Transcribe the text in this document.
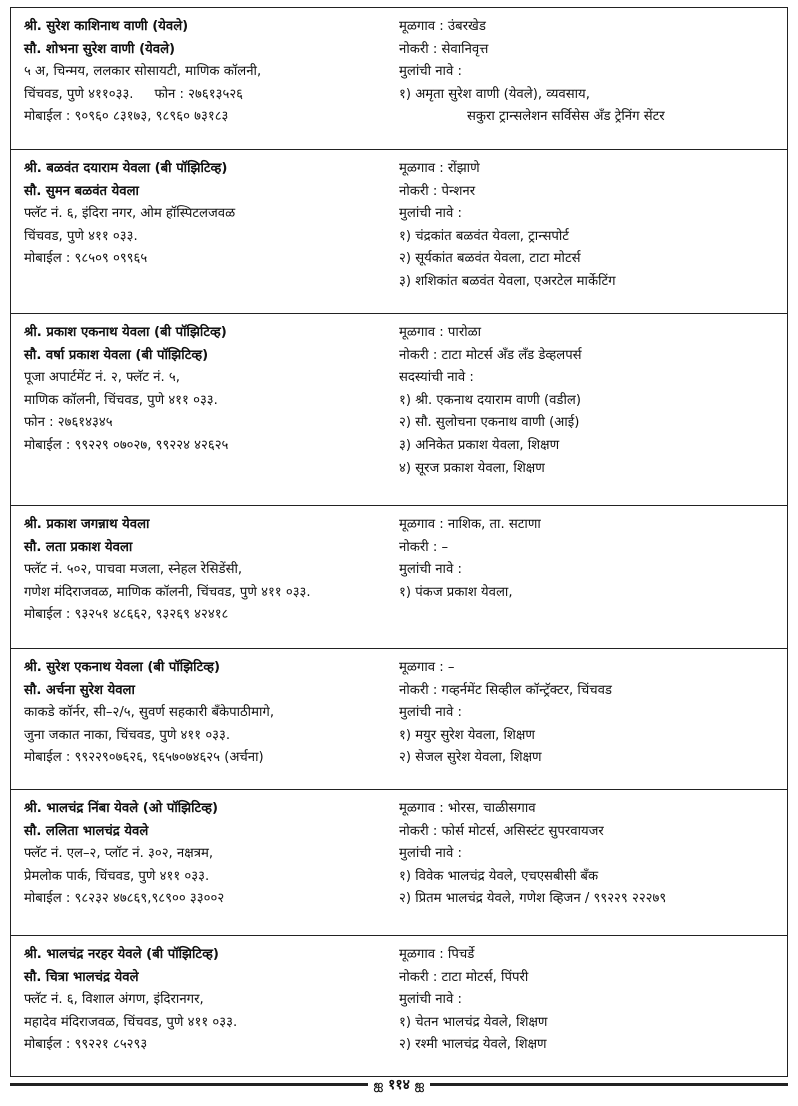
श्री. सुरेश काशिनाथ वाणी (येवले)
सौ. शोभना सुरेश वाणी (येवले)
५ अ, चिन्मय, ललकार सोसायटी, माणिक कॉलनी,
चिंचवड, पुणे ४११०३३.     फोन : २७६१३५२६
मोबाईल : ९०९६० ८३१७३, ९८९६० ७३१८३
मूळगाव : उंबरखेड
नोकरी : सेवानिवृत्त
मुलांची नावे :
१) अमृता सुरेश वाणी (येवले), व्यवसाय,
सकुरा ट्रान्सलेशन सर्विसेस अँड ट्रेनिंग सेंटर
श्री. बळवंत दयाराम येवला (बी पॉझिटिव्ह)
सौ. सुमन बळवंत येवला
फ्लॅट नं. ६, इंदिरा नगर, ओम हॉस्पिटलजवळ
चिंचवड, पुणे ४११ ०३३.
मोबाईल : ९८५०९ ०९९६५
मूळगाव : रोंझाणे
नोकरी : पेन्शनर
मुलांची नावे :
१) चंद्रकांत बळवंत येवला, ट्रान्सपोर्ट
२) सूर्यकांत बळवंत येवला, टाटा मोटर्स
३) शशिकांत बळवंत येवला, एअरटेल मार्केटिंग
श्री. प्रकाश एकनाथ येवला (बी पॉझिटिव्ह)
सौ. वर्षा प्रकाश येवला (बी पॉझिटिव्ह)
पूजा अपार्टमेंट नं. २, फ्लॅट नं. ५,
माणिक कॉलनी, चिंचवड, पुणे ४११ ०३३.
फोन : २७६१४३४५
मोबाईल : ९९२२९ ०७०२७, ९९२२४ ४२६२५
मूळगाव : पारोळा
नोकरी : टाटा मोटर्स अँड लँड डेव्हलपर्स
सदस्यांची नावे :
१) श्री. एकनाथ दयाराम वाणी (वडील)
२) सौ. सुलोचना एकनाथ वाणी (आई)
३) अनिकेत प्रकाश येवला, शिक्षण
४) सूरज प्रकाश येवला, शिक्षण
श्री. प्रकाश जगन्नाथ येवला
सौ. लता प्रकाश येवला
फ्लॅट नं. ५०२, पाचवा मजला, स्नेहल रेसिडेंसी,
गणेश मंदिराजवळ, माणिक कॉलनी, चिंचवड, पुणे ४११ ०३३.
मोबाईल : ९३२५१ ४८६६२, ९३२६९ ४२४१८
मूळगाव : नाशिक, ता. सटाणा
नोकरी : –
मुलांची नावे :
१) पंकज प्रकाश येवला,
श्री. सुरेश एकनाथ येवला (बी पॉझिटिव्ह)
सौ. अर्चना सुरेश येवला
काकडे कॉर्नर, सी–२/५, सुवर्ण सहकारी बँकेपाठीमागे,
जुना जकात नाका, चिंचवड, पुणे ४११ ०३३.
मोबाईल : ९९२२९०७६२६, ९६५७०७४६२५ (अर्चना)
मूळगाव : –
नोकरी : गव्हर्नमेंट सिव्हील कॉन्ट्रॅक्टर, चिंचवड
मुलांची नावे :
१) मयुर सुरेश येवला, शिक्षण
२) सेजल सुरेश येवला, शिक्षण
श्री. भालचंद्र निंबा येवले (ओ पॉझिटिव्ह)
सौ. ललिता भालचंद्र येवले
फ्लॅट नं. एल–२, प्लॉट नं. ३०२, नक्षत्रम,
प्रेमलोक पार्क, चिंचवड, पुणे ४११ ०३३.
मोबाईल : ९८२३२ ४७८६९,९८९०० ३३००२
मूळगाव : भोरस, चाळीसगाव
नोकरी : फोर्स मोटर्स, असिस्टंट सुपरवायजर
मुलांची नावे :
१) विवेक भालचंद्र येवले, एचएसबीसी बँक
२) प्रितम भालचंद्र येवले, गणेश व्हिजन / ९९२२९ २२२७९
श्री. भालचंद्र नरहर येवले (बी पॉझिटिव्ह)
सौ. चित्रा भालचंद्र येवले
फ्लॅट नं. ६, विशाल अंगण, इंदिरानगर,
महादेव मंदिराजवळ, चिंचवड, पुणे ४११ ०३३.
मोबाईल : ९९२२१ ८५२९३
मूळगाव : पिचर्डे
नोकरी : टाटा मोटर्स, पिंपरी
मुलांची नावे :
१) चेतन भालचंद्र येवले, शिक्षण
२) रश्मी भालचंद्र येवले, शिक्षण
ஐ ११४ ஐ
